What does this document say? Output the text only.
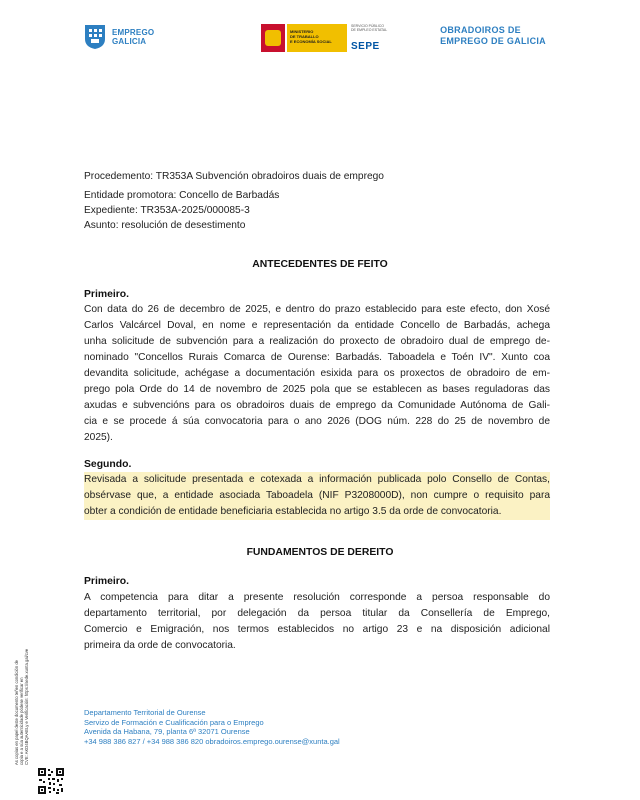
EMPREGO
GALICIA
MINISTERIO
DE TRABALLO
E ECONOMÍA SOCIAL
SERVICIO PÚBLICO
DE EMPLEO ESTATAL
SEPE
OBRADOIROS DE
EMPREGO DE GALICIA
Procedemento: TR353A Subvención obradoiros duais de emprego
Entidade promotora: Concello de Barbadás
Expediente: TR353A-2025/000085-3
Asunto: resolución de desestimento
ANTECEDENTES DE FEITO
Primeiro.
Con data do 26 de decembro de 2025, e dentro do prazo establecido para este efecto, don Xosé
Carlos Valcárcel Doval, en nome e representación da entidade Concello de Barbadás, achega
unha solicitude de subvención para a realización do proxecto de obradoiro dual de emprego de-
nominado "Concellos Rurais Comarca de Ourense: Barbadás. Taboadela e Toén IV". Xunto coa
devandita solicitude, achégase a documentación esixida para os proxectos de obradoiro de em-
prego pola Orde do 14 de novembro de 2025 pola que se establecen as bases reguladoras das
axudas e subvencións para os obradoiros duais de emprego da Comunidade Autónoma de Gali-
cia e se procede á súa convocatoria para o ano 2026 (DOG núm. 228 do 25 de novembro de
2025).
Segundo.
Revisada a solicitude presentada e cotexada a información publicada polo Consello de Contas,
obsérvase que, a entidade asociada Taboadela (NIF P3208000D), non cumpre o requisito para
obter a condición de entidade beneficiaria establecida no artigo 3.5 da orde de convocatoria.
FUNDAMENTOS DE DEREITO
Primeiro.
A competencia para ditar a presente resolución corresponde a persoa responsable do
departamento territorial, por delegación da persoa titular da Consellería de Emprego,
Comercio e Emigración, nos termos establecidos no artigo 23 e na disposición adicional
primeira da orde de convocatoria.
Departamento Territorial de Ourense
Servizo de Formación e Cualificación para o Emprego
Avenida da Habana, 79, planta 6ª 32071 Ourense
+34 988 386 827 / +34 988 386 820 obradoiros.emprego.ourense@xunta.gal
As copias en papel deste documento teñen condición de copia e a súa autenticidade pódese verificar en CVE: AKD4BQAAELy e Verificación: https://sede.xunta.gal/cve
